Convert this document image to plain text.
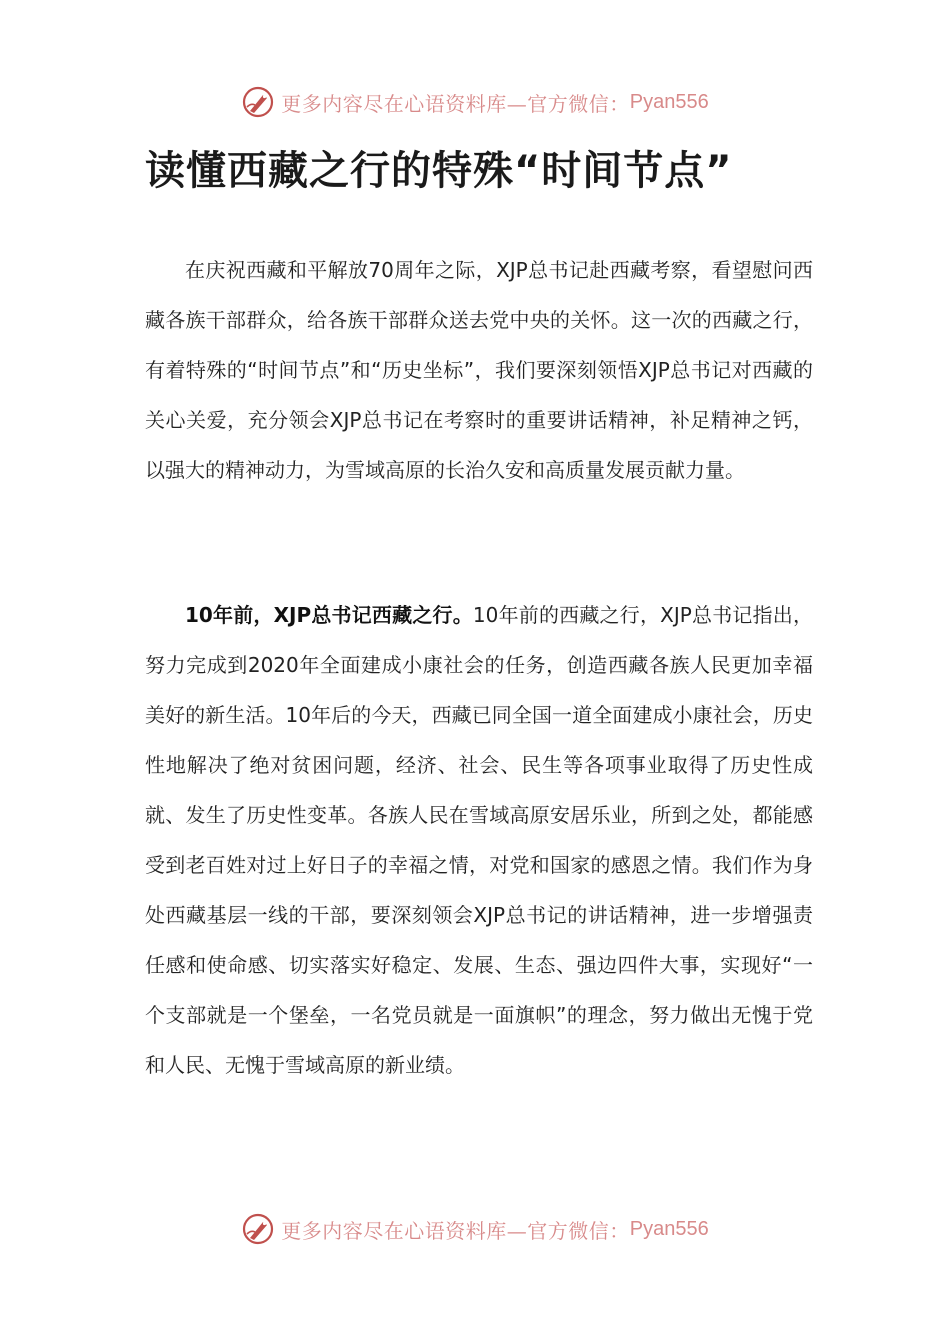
更多内容尽在心语资料库—官方微信： Pyan556
读懂西藏之行的特殊“时间节点”

在庆祝西藏和平解放70周年之际，XJP总书记赴西藏考察，看望慰问西藏各族干部群众，给各族干部群众送去党中央的关怀。这一次的西藏之行，有着特殊的“时间节点”和“历史坐标”，我们要深刻领悟XJP总书记对西藏的关心关爱，充分领会XJP总书记在考察时的重要讲话精神，补足精神之钙，以强大的精神动力，为雪域高原的长治久安和高质量发展贡献力量。

10年前，XJP总书记西藏之行。10年前的西藏之行，XJP总书记指出，努力完成到2020年全面建成小康社会的任务，创造西藏各族人民更加幸福美好的新生活。10年后的今天，西藏已同全国一道全面建成小康社会，历史性地解决了绝对贫困问题，经济、社会、民生等各项事业取得了历史性成就、发生了历史性变革。各族人民在雪域高原安居乐业，所到之处，都能感受到老百姓对过上好日子的幸福之情，对党和国家的感恩之情。我们作为身处西藏基层一线的干部，要深刻领会XJP总书记的讲话精神，进一步增强责任感和使命感、切实落实好稳定、发展、生态、强边四件大事，实现好“一个支部就是一个堡垒，一名党员就是一面旗帜”的理念，努力做出无愧于党和人民、无愧于雪域高原的新业绩。

更多内容尽在心语资料库—官方微信： Pyan556
